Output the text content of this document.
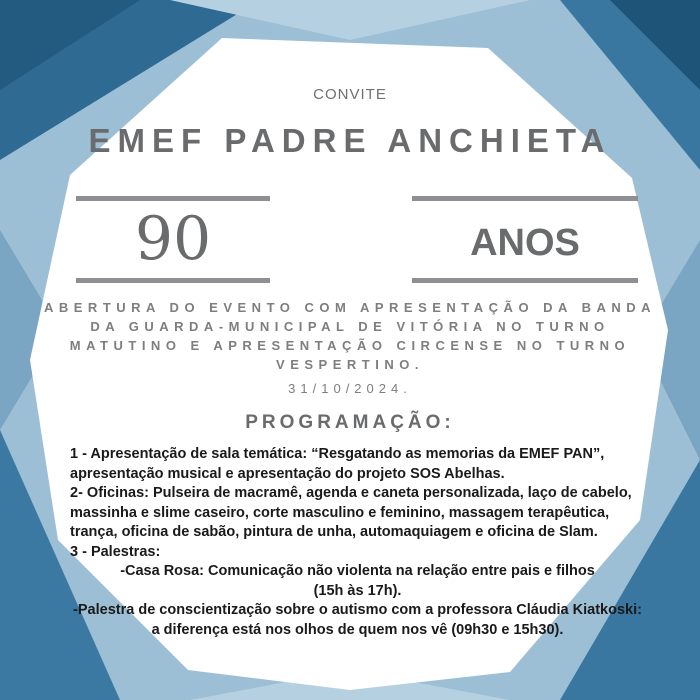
CONVITE
EMEF PADRE ANCHIETA
90	ANOS
ABERTURA DO EVENTO COM APRESENTAÇÃO DA BANDA DA GUARDA-MUNICIPAL DE VITÓRIA NO TURNO MATUTINO E APRESENTAÇÃO CIRCENSE NO TURNO VESPERTINO.
31/10/2024.
PROGRAMAÇÃO:

1 - Apresentação de sala temática: “Resgatando as memorias da EMEF PAN”, apresentação musical e apresentação do projeto SOS Abelhas.

2- Oficinas: Pulseira de macramê, agenda e caneta personalizada, laço de cabelo, massinha e slime caseiro, corte masculino e feminino, massagem terapêutica, trança, oficina de sabão, pintura de unha, automaquiagem e oficina de Slam.

3 - Palestras:

-Casa Rosa: Comunicação não violenta na relação entre pais e filhos

(15h às 17h).

-Palestra de conscientização sobre o autismo com a professora Cláudia Kiatkoski: a diferença está nos olhos de quem nos vê (09h30 e 15h30).
